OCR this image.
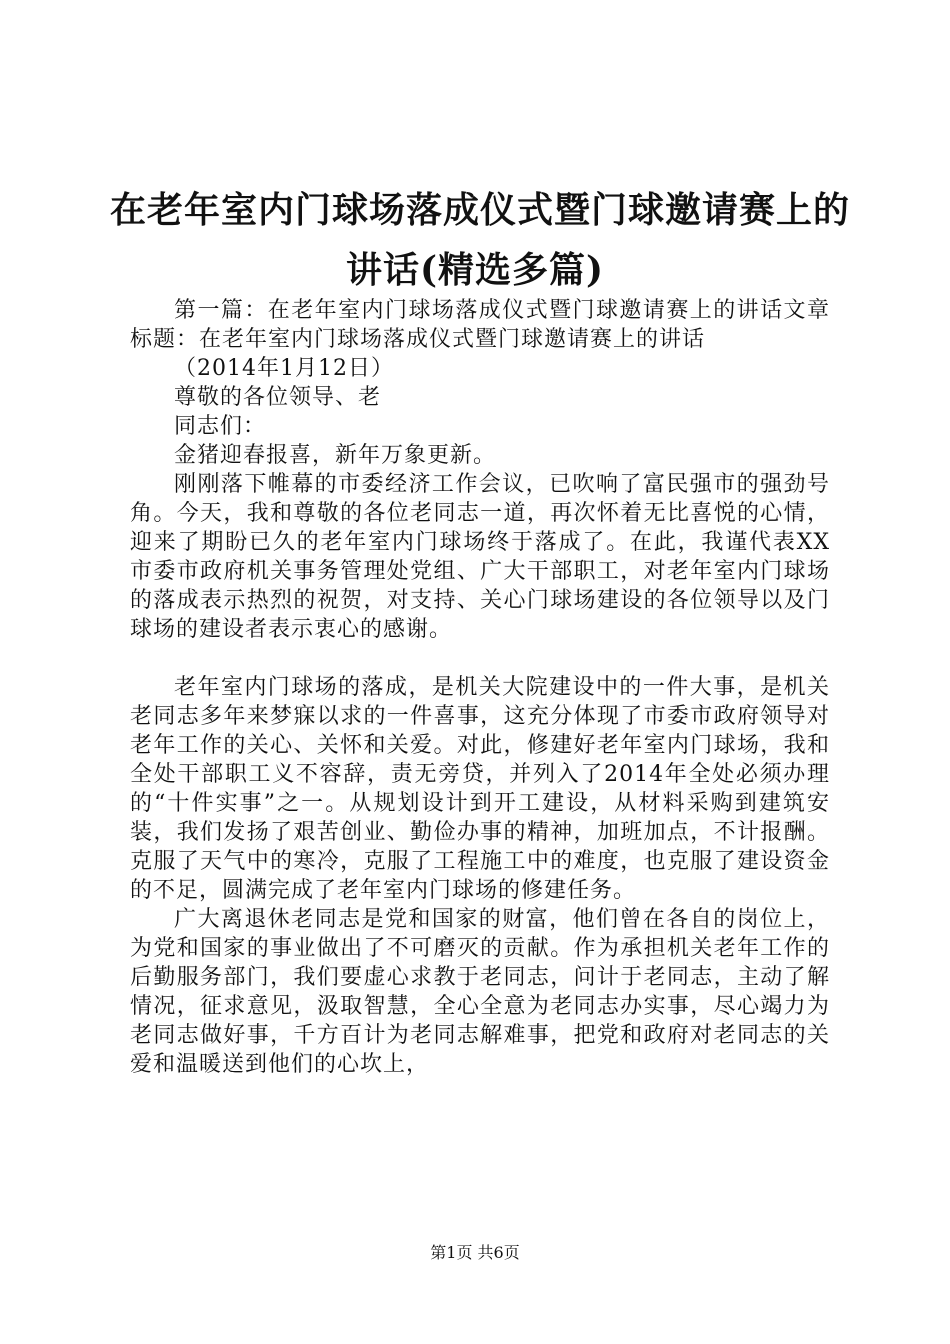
在老年室内门球场落成仪式暨门球邀请赛上的
讲话(精选多篇)

第一篇：在老年室内门球场落成仪式暨门球邀请赛上的讲话文章标题：在老年室内门球场落成仪式暨门球邀请赛上的讲话

（2014年1月12日）

尊敬的各位领导、老

同志们：

金猪迎春报喜，新年万象更新。

刚刚落下帷幕的市委经济工作会议，已吹响了富民强市的强劲号角。今天，我和尊敬的各位老同志一道，再次怀着无比喜悦的心情，迎来了期盼已久的老年室内门球场终于落成了。在此，我谨代表XX市委市政府机关事务管理处党组、广大干部职工，对老年室内门球场的落成表示热烈的祝贺，对支持、关心门球场建设的各位领导以及门球场的建设者表示衷心的感谢。

老年室内门球场的落成，是机关大院建设中的一件大事，是机关老同志多年来梦寐以求的一件喜事，这充分体现了市委市政府领导对老年工作的关心、关怀和关爱。对此，修建好老年室内门球场，我和全处干部职工义不容辞，责无旁贷，并列入了2014年全处必须办理的“十件实事”之一。从规划设计到开工建设，从材料采购到建筑安装，我们发扬了艰苦创业、勤俭办事的精神，加班加点，不计报酬。克服了天气中的寒冷，克服了工程施工中的难度，也克服了建设资金的不足，圆满完成了老年室内门球场的修建任务。

广大离退休老同志是党和国家的财富，他们曾在各自的岗位上，为党和国家的事业做出了不可磨灭的贡献。作为承担机关老年工作的后勤服务部门，我们要虚心求教于老同志，问计于老同志，主动了解情况，征求意见，汲取智慧，全心全意为老同志办实事，尽心竭力为老同志做好事，千方百计为老同志解难事，把党和政府对老同志的关爱和温暖送到他们的心坎上，

第1页 共6页
